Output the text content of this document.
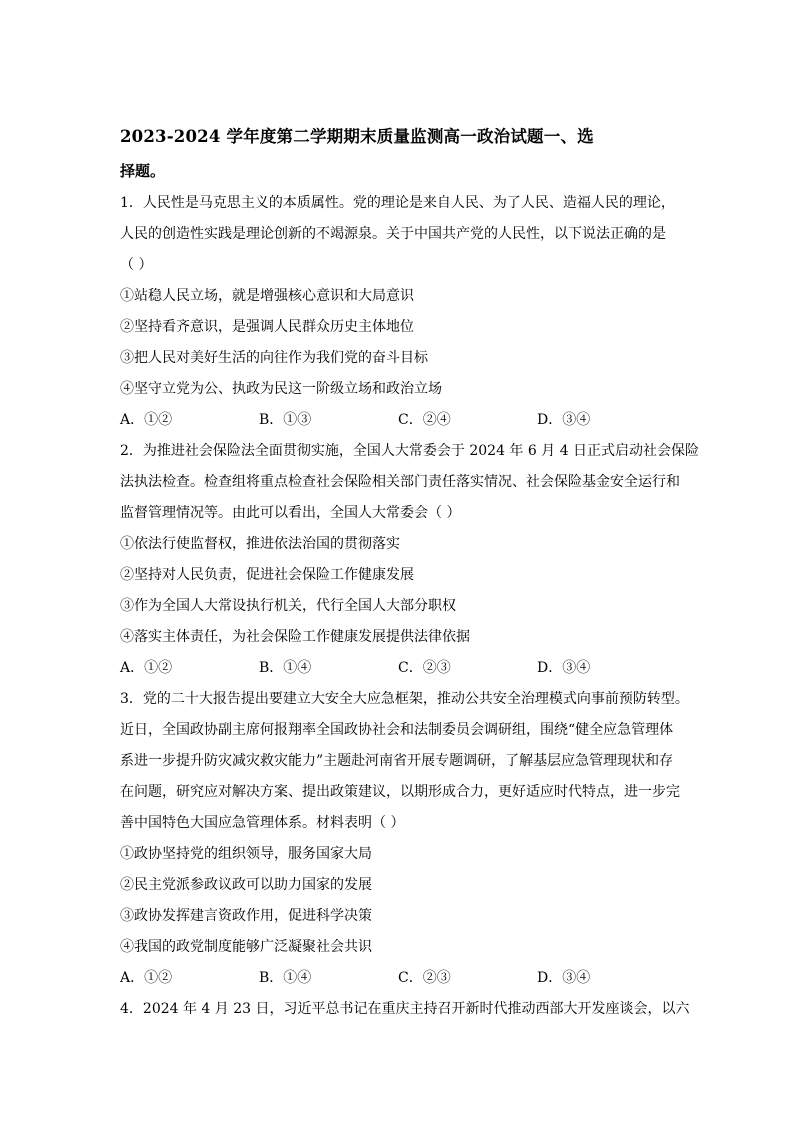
2023-2024 学年度第二学期期末质量监测高一政治试题一、选
择题。
1．人民性是马克思主义的本质属性。党的理论是来自人民、为了人民、造福人民的理论，
人民的创造性实践是理论创新的不竭源泉。关于中国共产党的人民性，以下说法正确的是
（ ）
①站稳人民立场，就是增强核心意识和大局意识
②坚持看齐意识，是强调人民群众历史主体地位
③把人民对美好生活的向往作为我们党的奋斗目标
④坚守立党为公、执政为民这一阶级立场和政治立场
A．①②	B．①③	C．②④	D．③④
2．为推进社会保险法全面贯彻实施，全国人大常委会于 2024 年 6 月 4 日正式启动社会保险
法执法检查。检查组将重点检查社会保险相关部门责任落实情况、社会保险基金安全运行和
监督管理情况等。由此可以看出，全国人大常委会（ ）
①依法行使监督权，推进依法治国的贯彻落实
②坚持对人民负责，促进社会保险工作健康发展
③作为全国人大常设执行机关，代行全国人大部分职权
④落实主体责任，为社会保险工作健康发展提供法律依据
A．①②	B．①④	C．②③	D．③④
3．党的二十大报告提出要建立大安全大应急框架，推动公共安全治理模式向事前预防转型。
近日，全国政协副主席何报翔率全国政协社会和法制委员会调研组，围绕“健全应急管理体
系进一步提升防灾减灾救灾能力”主题赴河南省开展专题调研，了解基层应急管理现状和存
在问题，研究应对解决方案、提出政策建议，以期形成合力，更好适应时代特点，进一步完
善中国特色大国应急管理体系。材料表明（ ）
①政协坚持党的组织领导，服务国家大局
②民主党派参政议政可以助力国家的发展
③政协发挥建言资政作用，促进科学决策
④我国的政党制度能够广泛凝聚社会共识
A．①②	B．①④	C．②③	D．③④
4．2024 年 4 月 23 日，习近平总书记在重庆主持召开新时代推动西部大开发座谈会，以六
